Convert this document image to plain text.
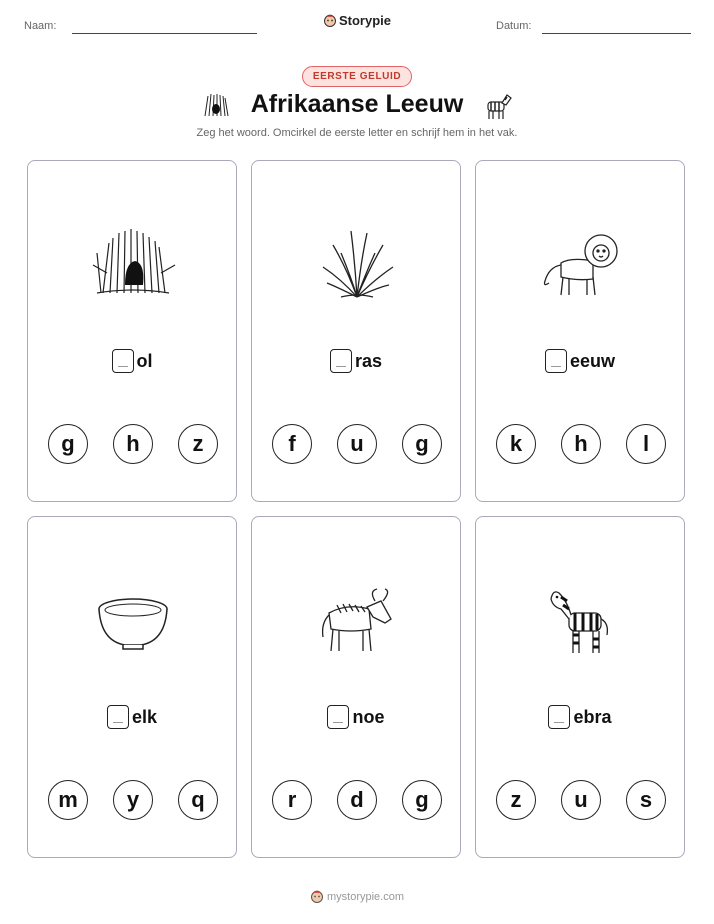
Naam:	Storypie	Datum:
EERSTE GELUID
Afrikaanse Leeuw
Zeg het woord. Omcirkel de eerste letter en schrijf hem in het vak.
ol
g	h	z
ras
f	u	g
eeuw
k	h	l
elk
m	y	q
noe
r	d	g
ebra
z	u	s
mystorypie.com
